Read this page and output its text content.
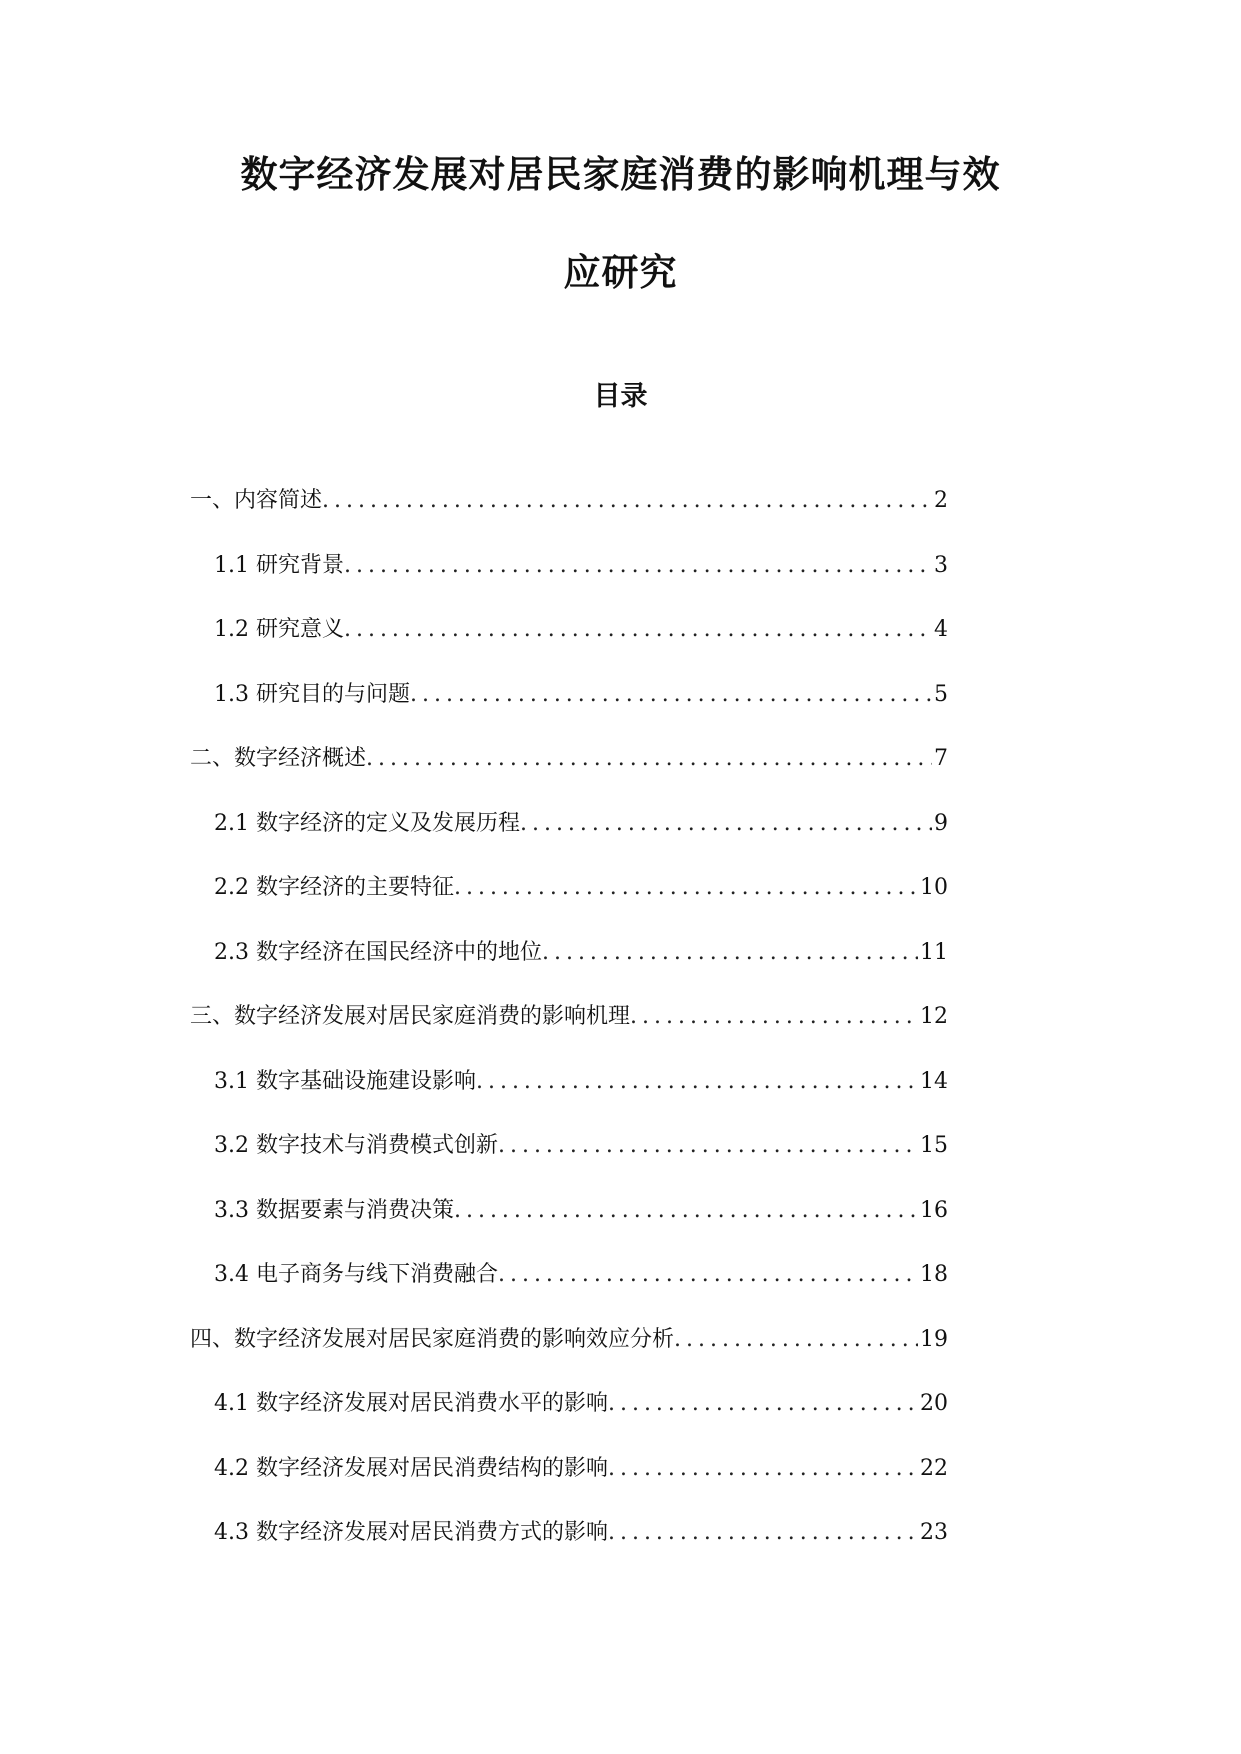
数字经济发展对居民家庭消费的影响机理与效
应研究
目录
一、内容简述 . . .	2
1.1 研究背景 . . .	3
1.2 研究意义 . . .	4
1.3 研究目的与问题 . . .	5
二、数字经济概述 . . .	7
2.1 数字经济的定义及发展历程 . . .	9
2.2 数字经济的主要特征 . . .	10
2.3 数字经济在国民经济中的地位 . . .	11
三、数字经济发展对居民家庭消费的影响机理 . . .	12
3.1 数字基础设施建设影响 . . .	14
3.2 数字技术与消费模式创新 . . .	15
3.3 数据要素与消费决策 . . .	16
3.4 电子商务与线下消费融合 . . .	18
四、数字经济发展对居民家庭消费的影响效应分析 . . .	19
4.1 数字经济发展对居民消费水平的影响 . . .	20
4.2 数字经济发展对居民消费结构的影响 . . .	22
4.3 数字经济发展对居民消费方式的影响 . . .	23
